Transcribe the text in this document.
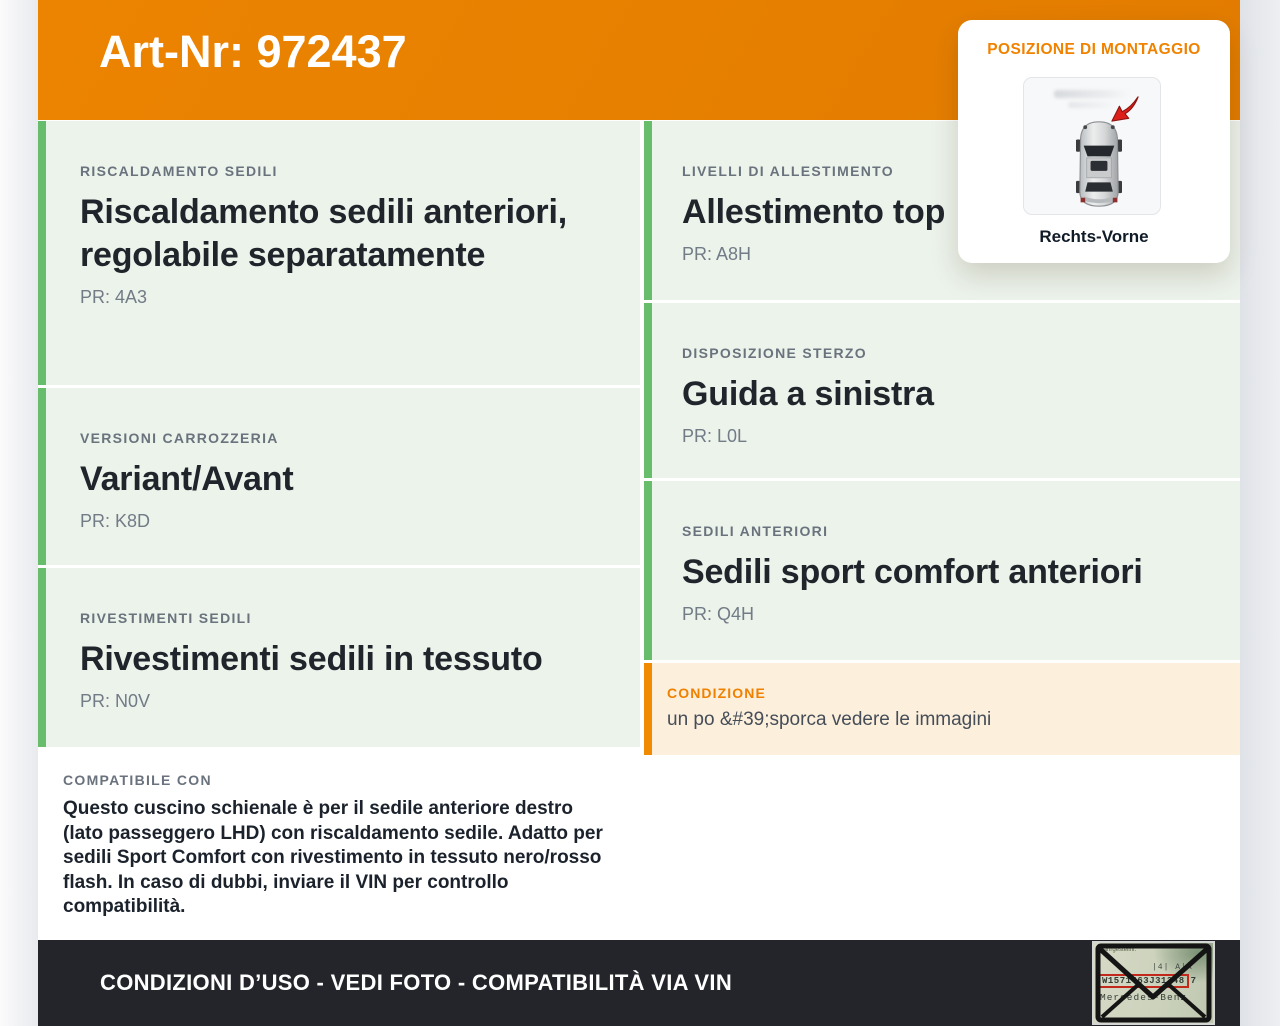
Art-Nr: 972437
RISCALDAMENTO SEDILI
Riscaldamento sedili anteriori, regolabile separatamente
PR: 4A3
VERSIONI CARROZZERIA
Variant/Avant
PR: K8D
RIVESTIMENTI SEDILI
Rivestimenti sedili in tessuto
PR: N0V
COMPATIBILE CON
Questo cuscino schienale è per il sedile anteriore destro (lato passeggero LHD) con riscaldamento sedile. Adatto per sedili Sport Comfort con rivestimento in tessuto nero/rosso flash. In caso di dubbi, inviare il VIN per controllo compatibilità.
LIVELLI DI ALLESTIMENTO
Allestimento top
PR: A8H
DISPOSIZIONE STERZO
Guida a sinistra
PR: L0L
SEDILI ANTERIORI
Sedili sport comfort anteriori
PR: Q4H
CONDIZIONE
un po &#39;sporca vedere le immagini
POSIZIONE DI MONTAGGIO
Rechts-Vorne
CONDIZIONI D’USO - VEDI FOTO - COMPATIBILITÀ VIA VIN
Fahrgestellnr.
|4| A|A
W1571463J31348 7
Mercedes-Benz
